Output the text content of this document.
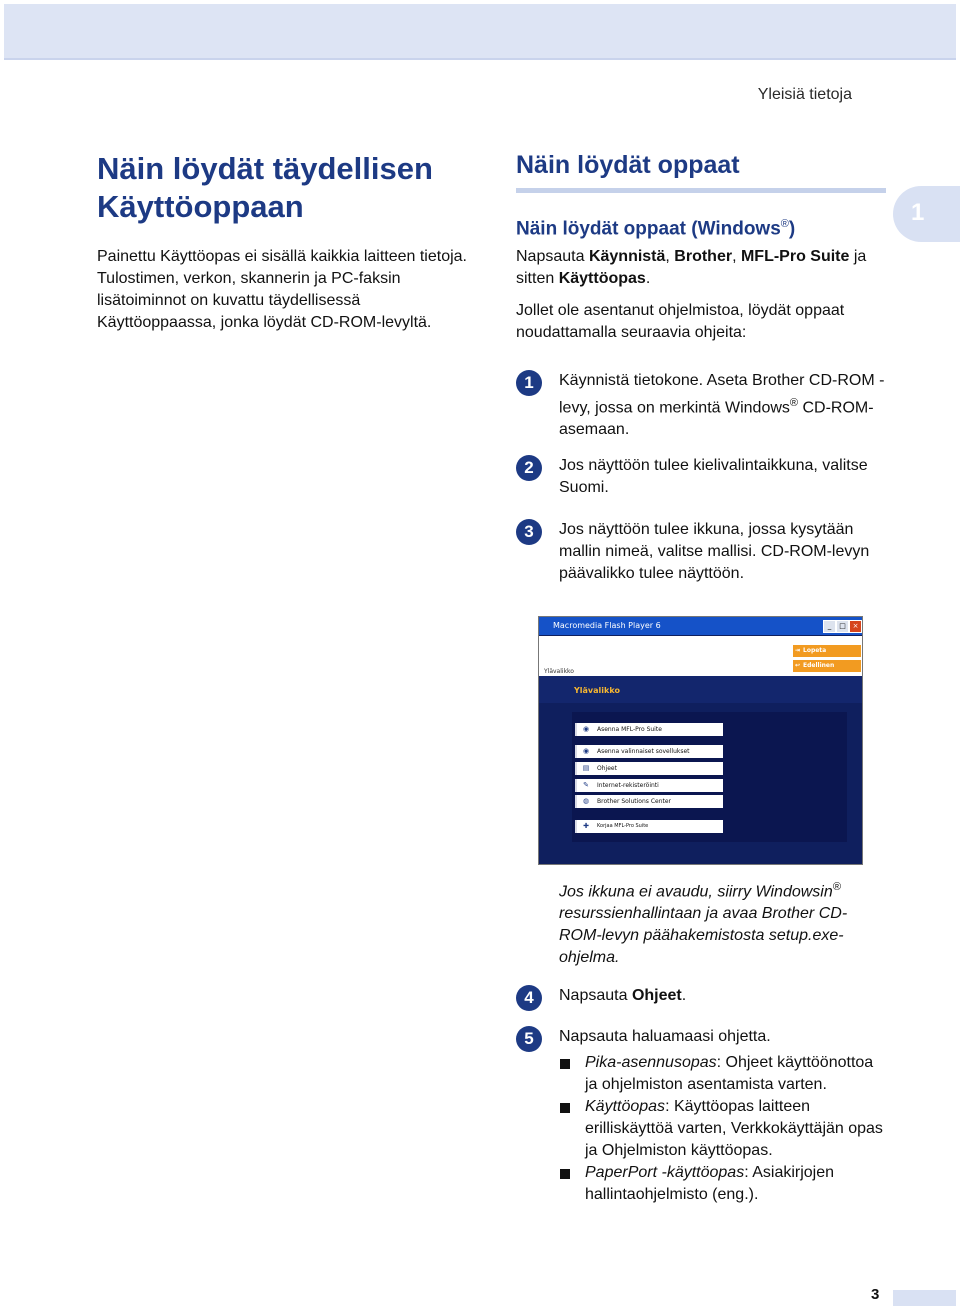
Yleisiä tietoja
1
Näin löydät täydellisen Käyttöoppaan

Painettu Käyttöopas ei sisällä kaikkia laitteen tietoja. Tulostimen, verkon, skannerin ja PC-faksin lisätoiminnot on kuvattu täydellisessä Käyttöoppaassa, jonka löydät CD-ROM-levyltä.

Näin löydät oppaat
Näin löydät oppaat (Windows®)

Napsauta Käynnistä, Brother, MFL-Pro Suite ja sitten Käyttöopas.

Jollet ole asentanut ohjelmistoa, löydät oppaat noudattamalla seuraavia ohjeita:

1	Käynnistä tietokone. Aseta Brother CD-ROM -levy, jossa on merkintä Windows® CD-ROM-asemaan.
2	Jos näyttöön tulee kielivalintaikkuna, valitse Suomi.
3	Jos näyttöön tulee ikkuna, jossa kysytään mallin nimeä, valitse mallisi. CD-ROM-levyn päävalikko tulee näyttöön.
Macromedia Flash Player 6	_	□ ×
⇥ Lopeta
↩ Edellinen
Ylävalikko
Ylävalikko
◉	Asenna MFL-Pro Suite
◉	Asenna valinnaiset sovellukset
▤ Ohjeet
✎	Internet-rekisteröinti
◍	Brother Solutions Center
✚	Korjaa MFL-Pro Suite

Jos ikkuna ei avaudu, siirry Windowsin® resurssienhallintaan ja avaa Brother CD-ROM-levyn päähakemistosta setup.exe-ohjelma.

4	Napsauta Ohjeet.
5	Napsauta haluamaasi ohjetta.
Pika-asennusopas: Ohjeet käyttöönottoa ja ohjelmiston asentamista varten.
Käyttöopas: Käyttöopas laitteen erilliskäyttöä varten, Verkkokäyttäjän opas ja Ohjelmiston käyttöopas.
PaperPort -käyttöopas: Asiakirjojen hallintaohjelmisto (eng.).
3
